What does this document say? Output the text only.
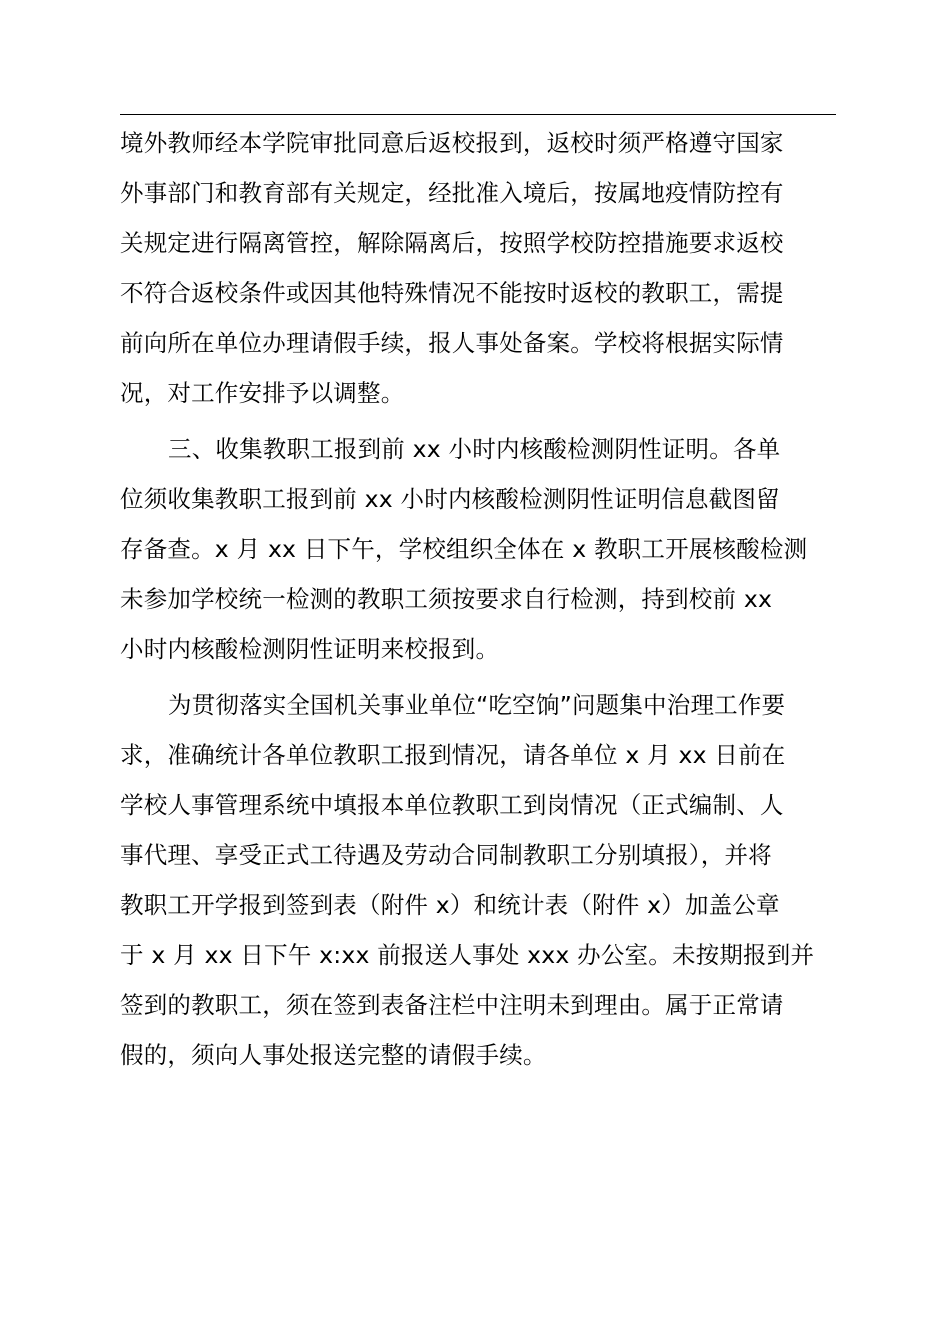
境外教师经本学院审批同意后返校报到，返校时须严格遵守国家
外事部门和教育部有关规定，经批准入境后，按属地疫情防控有
关规定进行隔离管控，解除隔离后，按照学校防控措施要求返校
不符合返校条件或因其他特殊情况不能按时返校的教职工，需提
前向所在单位办理请假手续，报人事处备案。学校将根据实际情
况，对工作安排予以调整。
三、收集教职工报到前 xx 小时内核酸检测阴性证明。各单
位须收集教职工报到前 xx 小时内核酸检测阴性证明信息截图留
存备查。x 月 xx 日下午，学校组织全体在 x 教职工开展核酸检测
未参加学校统一检测的教职工须按要求自行检测，持到校前 xx
小时内核酸检测阴性证明来校报到。
为贯彻落实全国机关事业单位“吃空饷”问题集中治理工作要
求，准确统计各单位教职工报到情况，请各单位 x 月 xx 日前在
学校人事管理系统中填报本单位教职工到岗情况（正式编制、人
事代理、享受正式工待遇及劳动合同制教职工分别填报），并将
教职工开学报到签到表（附件 x）和统计表（附件 x）加盖公章
于 x 月 xx 日下午 x:xx 前报送人事处 xxx 办公室。未按期报到并
签到的教职工，须在签到表备注栏中注明未到理由。属于正常请
假的，须向人事处报送完整的请假手续。
